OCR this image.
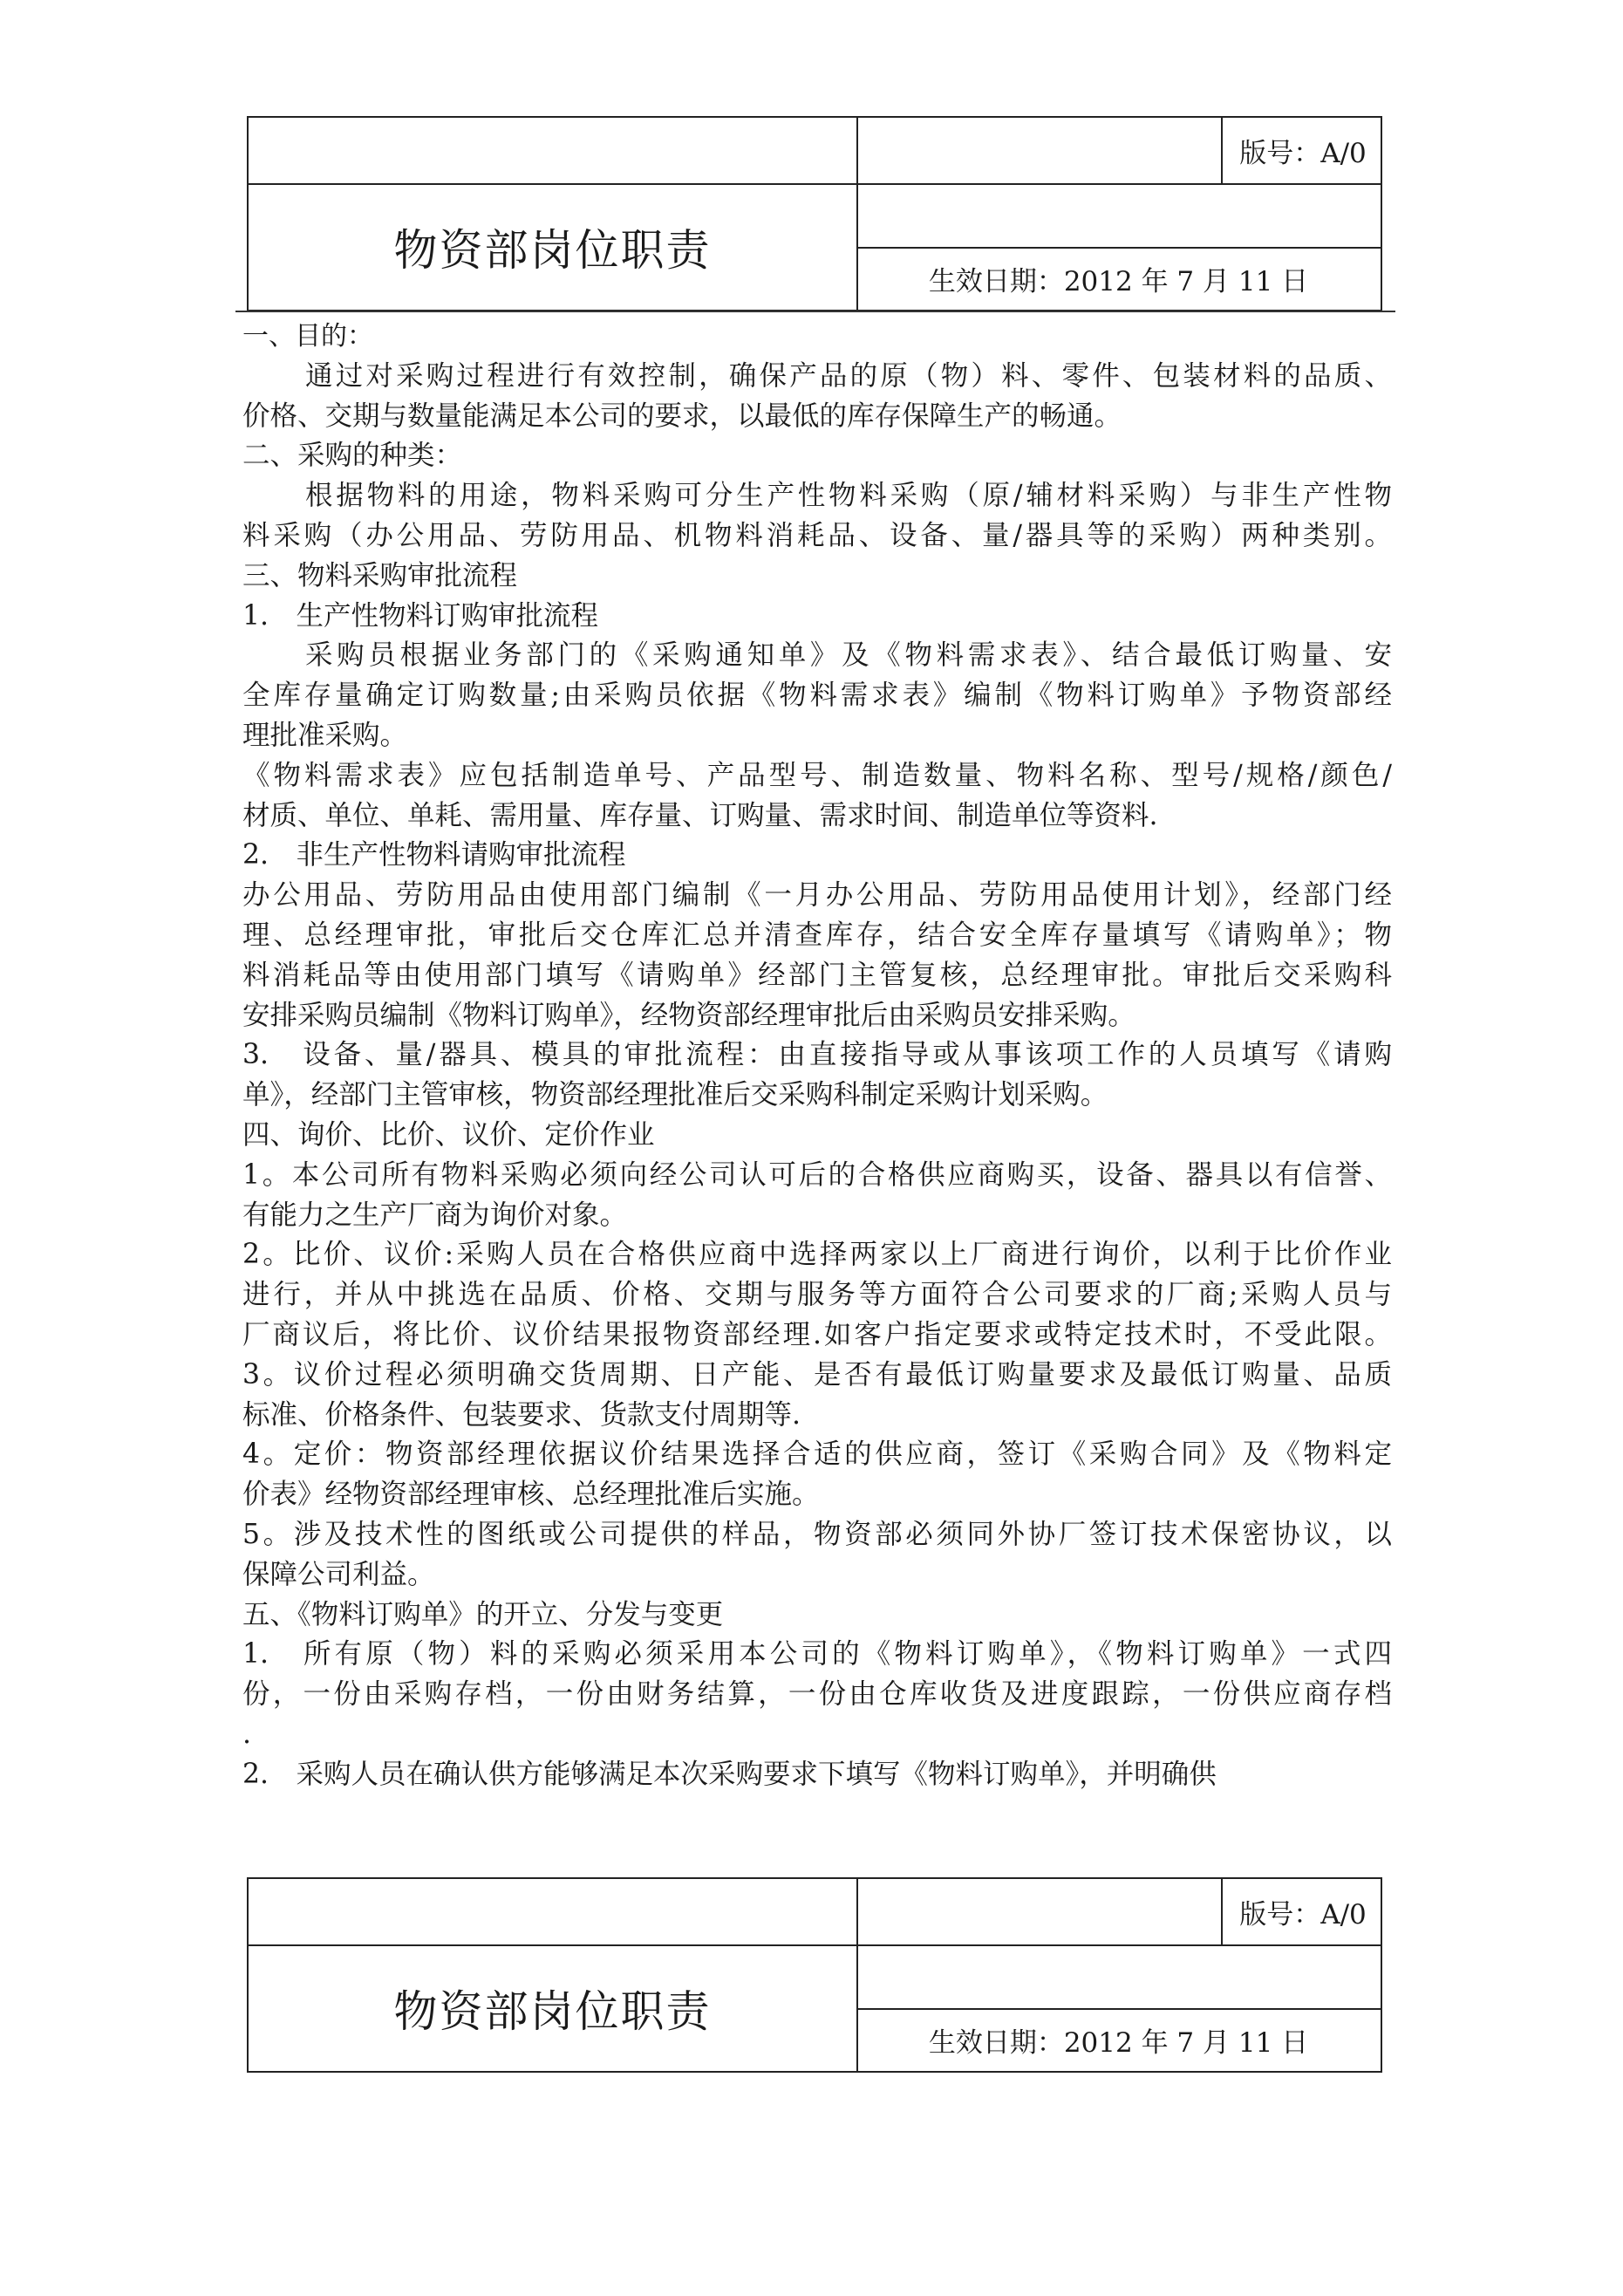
版号：A/0
物资部岗位职责
生效日期：2012 年 7 月 11 日
一、目的：
通过对采购过程进行有效控制，确保产品的原（物）料、零件、包装材料的品质、
价格、交期与数量能满足本公司的要求，以最低的库存保障生产的畅通。
二、采购的种类：
根据物料的用途，物料采购可分生产性物料采购（原/辅材料采购）与非生产性物
料采购（办公用品、劳防用品、机物料消耗品、设备、量/器具等的采购）两种类别。
三、物料采购审批流程
1.　生产性物料订购审批流程
采购员根据业务部门的《采购通知单》及《物料需求表》、结合最低订购量、安
全库存量确定订购数量;由采购员依据《物料需求表》编制《物料订购单》予物资部经
理批准采购。
《物料需求表》应包括制造单号、产品型号、制造数量、物料名称、型号/规格/颜色/
材质、单位、单耗、需用量、库存量、订购量、需求时间、制造单位等资料.
2.　非生产性物料请购审批流程
办公用品、劳防用品由使用部门编制《一月办公用品、劳防用品使用计划》，经部门经
理、总经理审批，审批后交仓库汇总并清查库存，结合安全库存量填写《请购单》；物
料消耗品等由使用部门填写《请购单》经部门主管复核，总经理审批。审批后交采购科
安排采购员编制《物料订购单》，经物资部经理审批后由采购员安排采购。
3.　设备、量/器具、模具的审批流程：由直接指导或从事该项工作的人员填写《请购
单》，经部门主管审核，物资部经理批准后交采购科制定采购计划采购。
四、询价、比价、议价、定价作业
1。本公司所有物料采购必须向经公司认可后的合格供应商购买，设备、器具以有信誉、
有能力之生产厂商为询价对象。
2。比价、议价:采购人员在合格供应商中选择两家以上厂商进行询价，以利于比价作业
进行，并从中挑选在品质、价格、交期与服务等方面符合公司要求的厂商;采购人员与
厂商议后，将比价、议价结果报物资部经理.如客户指定要求或特定技术时，不受此限。
3。议价过程必须明确交货周期、日产能、是否有最低订购量要求及最低订购量、品质
标准、价格条件、包装要求、货款支付周期等.
4。定价：物资部经理依据议价结果选择合适的供应商，签订《采购合同》及《物料定
价表》经物资部经理审核、总经理批准后实施。
5。涉及技术性的图纸或公司提供的样品，物资部必须同外协厂签订技术保密协议，以
保障公司利益。
五、《物料订购单》的开立、分发与变更
1.　所有原（物）料的采购必须采用本公司的《物料订购单》，《物料订购单》一式四
份，一份由采购存档，一份由财务结算，一份由仓库收货及进度跟踪，一份供应商存档
.
2.　采购人员在确认供方能够满足本次采购要求下填写《物料订购单》，并明确供
版号：A/0
物资部岗位职责
生效日期：2012 年 7 月 11 日
